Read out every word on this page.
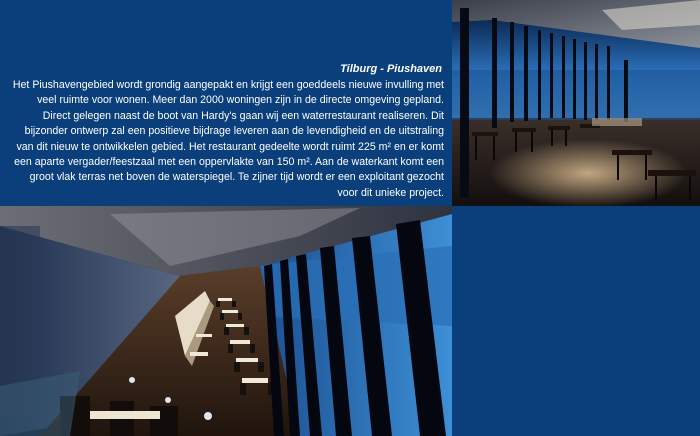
Tilburg - Piushaven
Het Piushavengebied wordt grondig aangepakt en krijgt een goeddeels nieuwe invulling met veel ruimte voor wonen. Meer dan 2000 woningen zijn in de directe omgeving gepland. Direct gelegen naast de boot van Hardy's gaan wij een waterrestaurant realiseren. Dit bijzonder ontwerp zal een positieve bijdrage leveren aan de levendigheid en de uitstraling van dit nieuw te ontwikkelen gebied. Het restaurant gedeelte wordt ruimt 225 m² en er komt een aparte vergader/feestzaal met een oppervlakte van 150 m². Aan de waterkant komt een groot vlak terras net boven de waterspiegel. Te zijner tijd wordt er een exploitant gezocht voor dit unieke project.
